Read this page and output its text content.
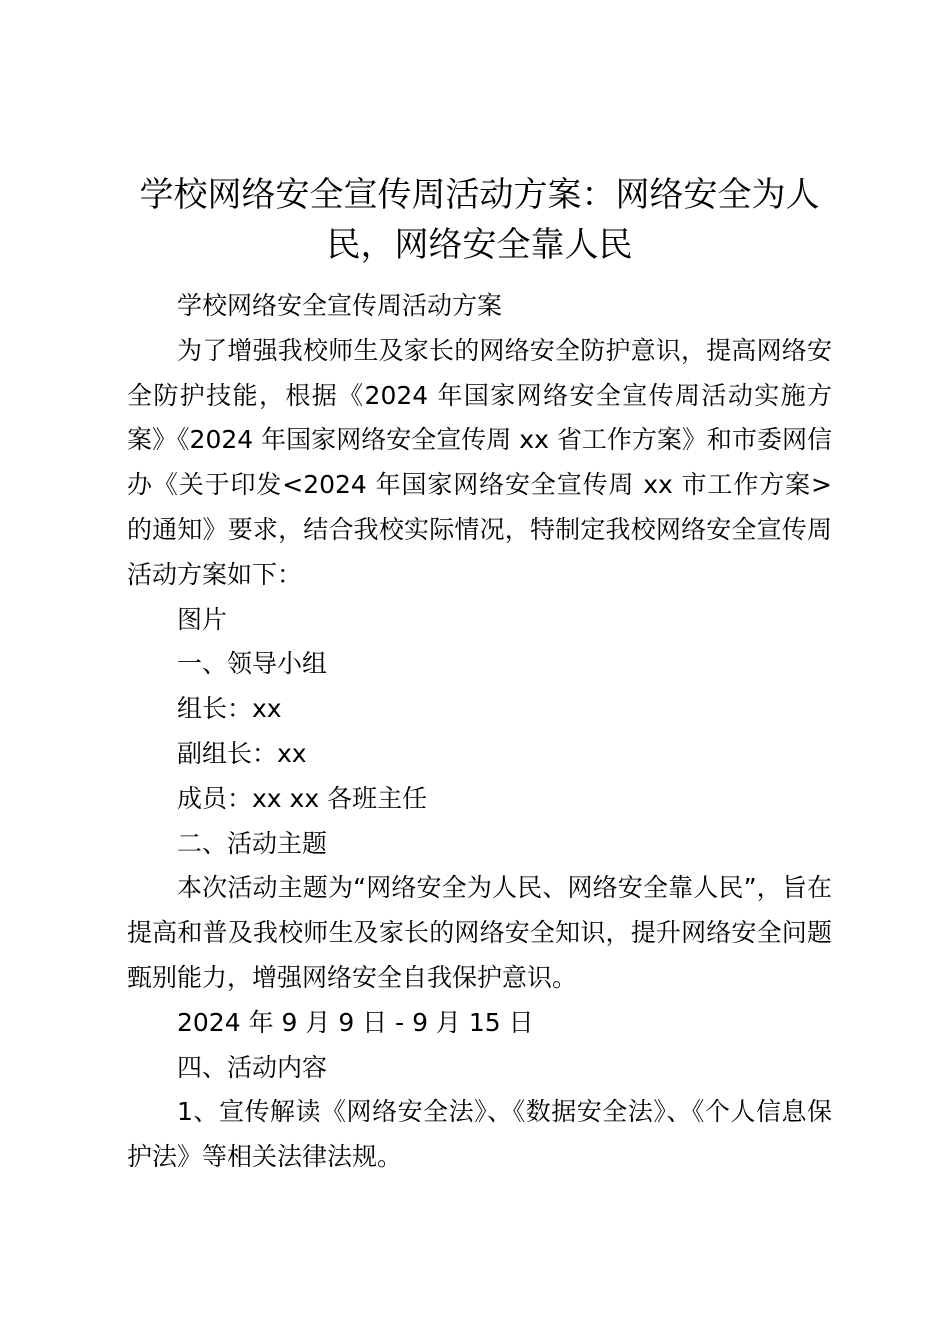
学校网络安全宣传周活动方案：网络安全为人民，网络安全靠人民

学校网络安全宣传周活动方案

为了增强我校师生及家长的网络安全防护意识，提高网络安全防护技能，根据《2024 年国家网络安全宣传周活动实施方案》《2024 年国家网络安全宣传周 xx 省工作方案》和市委网信办《关于印发<2024 年国家网络安全宣传周 xx 市工作方案>的通知》要求，结合我校实际情况，特制定我校网络安全宣传周活动方案如下：

图片

一、领导小组

组长：xx

副组长：xx

成员：xx xx 各班主任

二、活动主题

本次活动主题为“网络安全为人民、网络安全靠人民”，旨在提高和普及我校师生及家长的网络安全知识，提升网络安全问题甄别能力，增强网络安全自我保护意识。

2024 年 9 月 9 日 - 9 月 15 日

四、活动内容

1、宣传解读《网络安全法》、《数据安全法》、《个人信息保护法》等相关法律法规。
